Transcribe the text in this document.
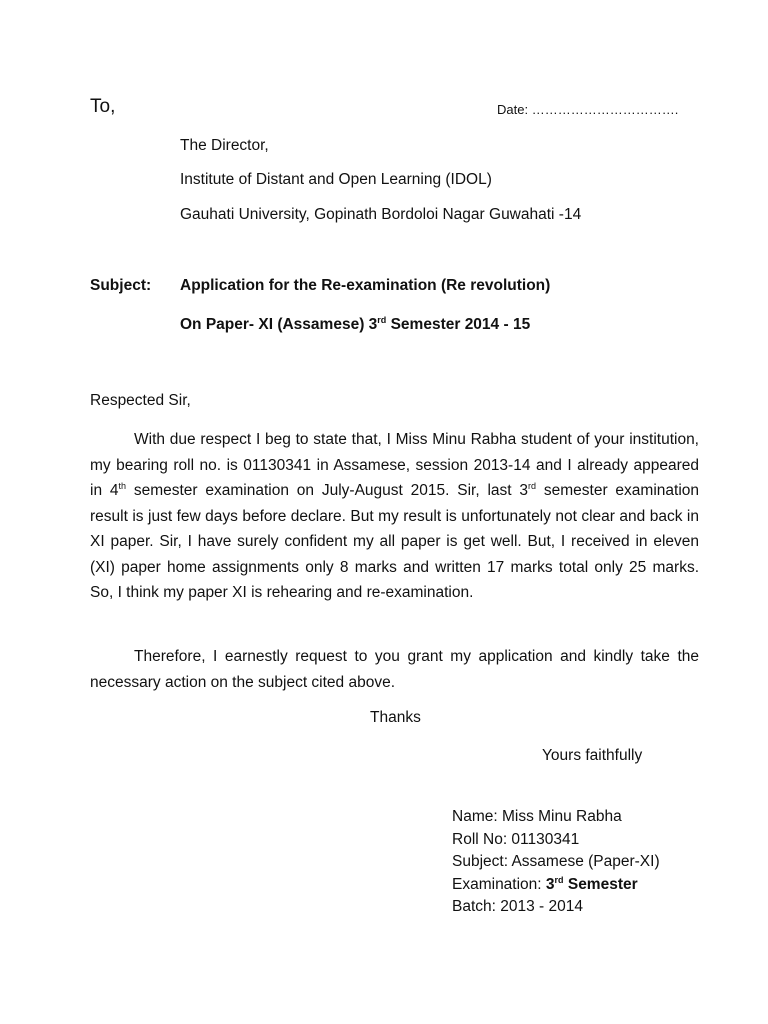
To,	Date: …………………………….
The Director,
Institute of Distant and Open Learning (IDOL)
Gauhati University, Gopinath Bordoloi Nagar Guwahati -14
Subject: Application for the Re-examination (Re revolution)
On Paper- XI (Assamese) 3rd Semester 2014 - 15
Respected Sir,
With due respect I beg to state that, I Miss Minu Rabha student of your institution, my bearing roll no. is 01130341 in Assamese, session 2013-14 and I already appeared in 4th semester examination on July-August 2015. Sir, last 3rd semester examination result is just few days before declare. But my result is unfortunately not clear and back in XI paper. Sir, I have surely confident my all paper is get well. But, I received in eleven (XI) paper home assignments only 8 marks and written 17 marks total only 25 marks. So, I think my paper XI is rehearing and re-examination.
Therefore, I earnestly request to you grant my application and kindly take the necessary action on the subject cited above.
Thanks
Yours faithfully
Name: Miss Minu Rabha
Roll No: 01130341
Subject: Assamese (Paper-XI)
Examination: 3rd Semester
Batch: 2013 - 2014
